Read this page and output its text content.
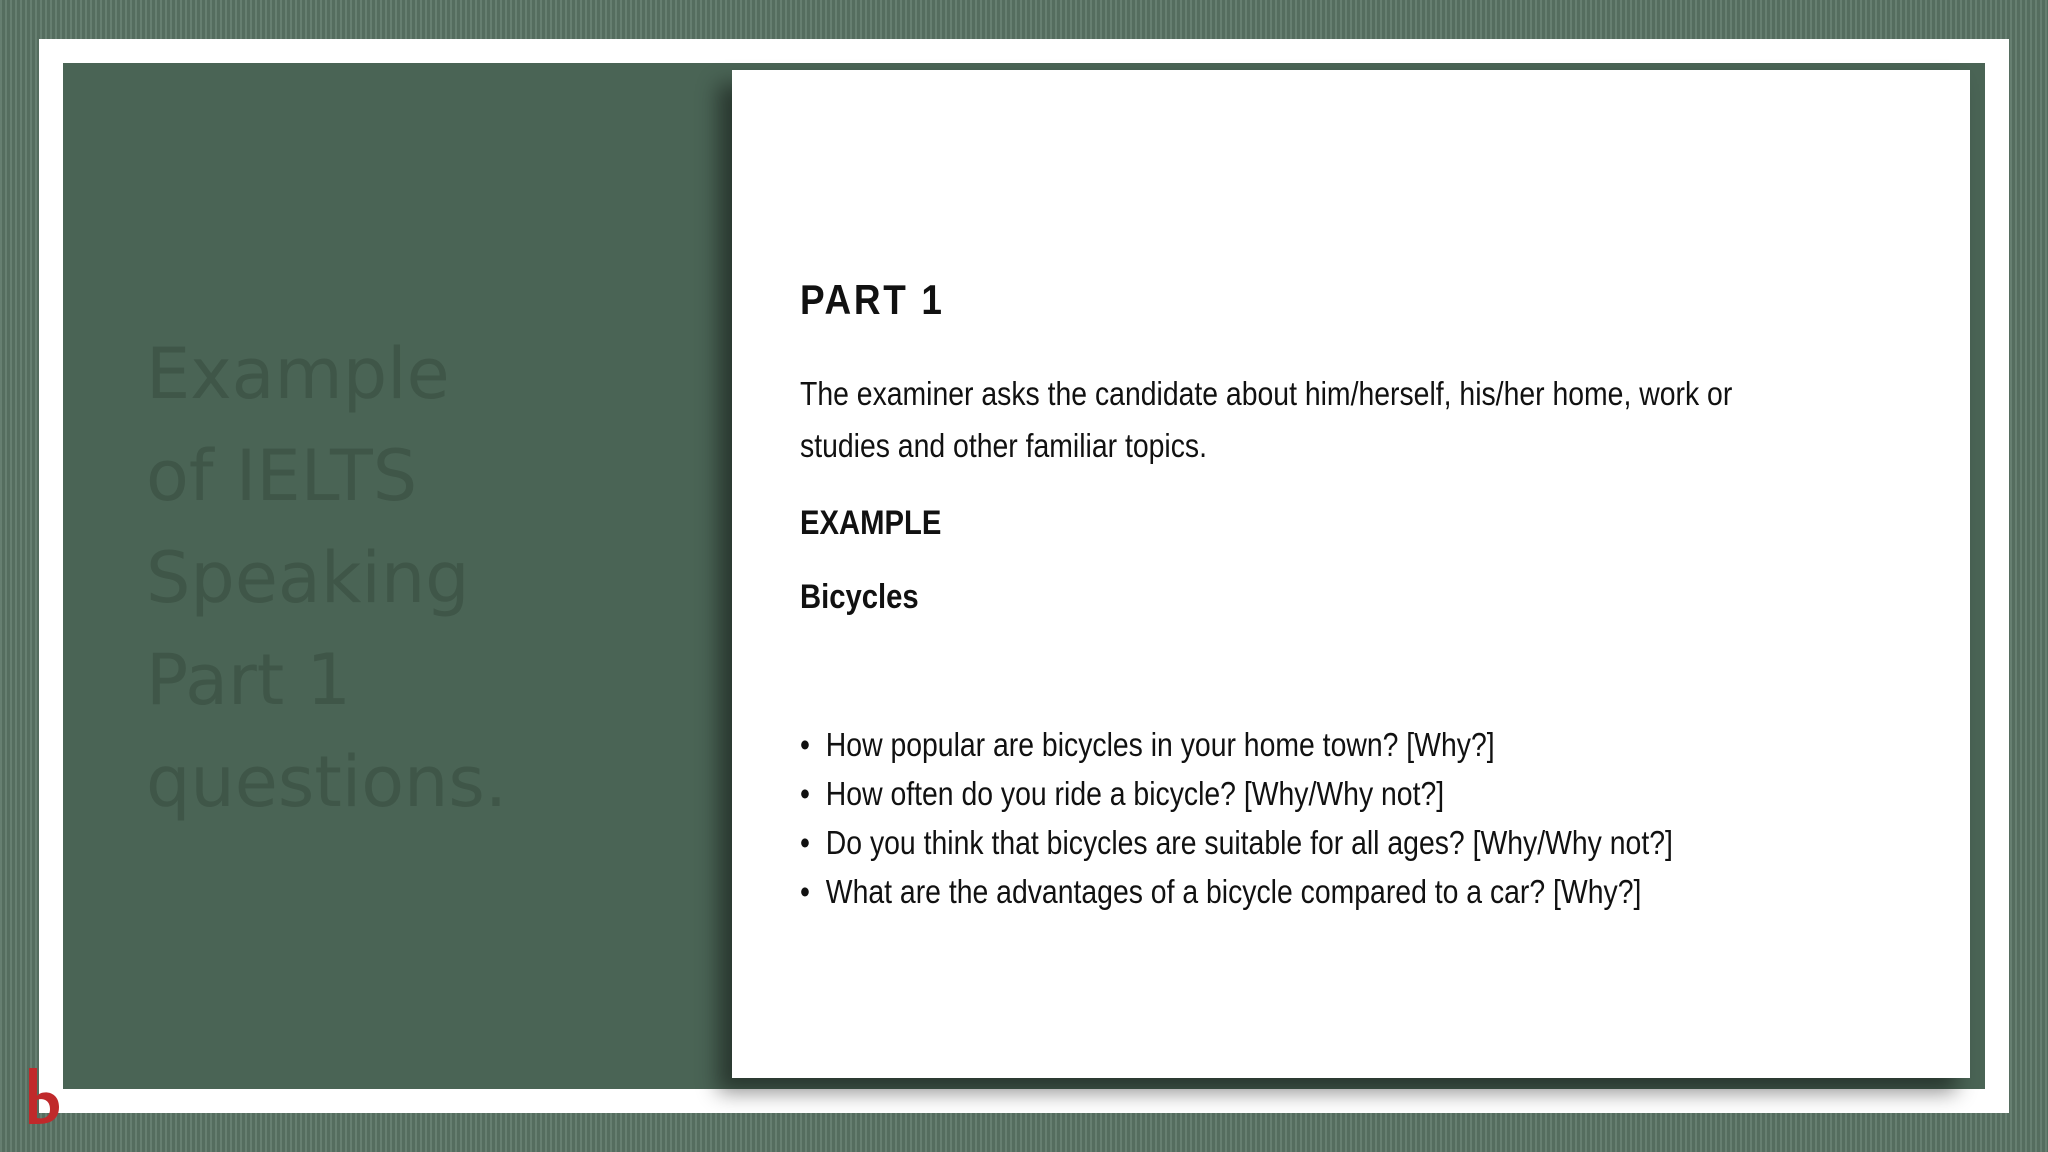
Example
of IELTS
Speaking
Part 1
questions.
PART 1

The examiner asks the candidate about him/herself, his/her home, work or studies and other familiar topics.

EXAMPLE
Bicycles
• How popular are bicycles in your home town? [Why?]
• How often do you ride a bicycle? [Why/Why not?]
• Do you think that bicycles are suitable for all ages? [Why/Why not?]
• What are the advantages of a bicycle compared to a car? [Why?]
